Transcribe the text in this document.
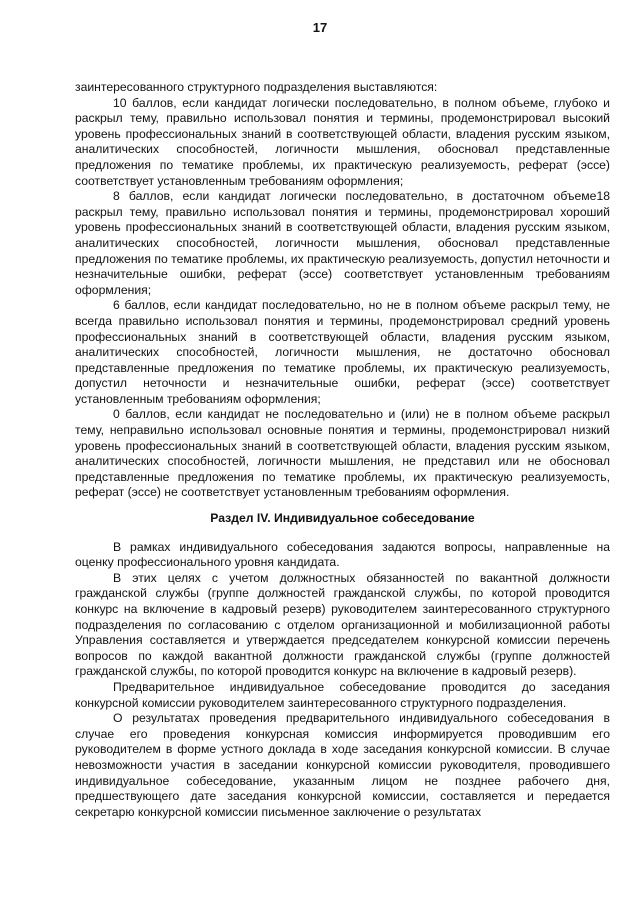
17

заинтересованного структурного подразделения выставляются:

10 баллов, если кандидат логически последовательно, в полном объеме, глубоко и раскрыл тему, правильно использовал понятия и термины, продемонстрировал высокий уровень профессиональных знаний в соответствующей области, владения русским языком, аналитических способностей, логичности мышления, обосновал представленные предложения по тематике проблемы, их практическую реализуемость, реферат (эссе) соответствует установленным требованиям оформления;

8 баллов, если кандидат логически последовательно, в достаточном объеме18 раскрыл тему, правильно использовал понятия и термины, продемонстрировал хороший уровень профессиональных знаний в соответствующей области, владения русским языком, аналитических способностей, логичности мышления, обосновал представленные предложения по тематике проблемы, их практическую реализуемость, допустил неточности и незначительные ошибки, реферат (эссе) соответствует установленным требованиям оформления;

6 баллов, если кандидат последовательно, но не в полном объеме раскрыл тему, не всегда правильно использовал понятия и термины, продемонстрировал средний уровень профессиональных знаний в соответствующей области, владения русским языком, аналитических способностей, логичности мышления, не достаточно обосновал представленные предложения по тематике проблемы, их практическую реализуемость, допустил неточности и незначительные ошибки, реферат (эссе) соответствует установленным требованиям оформления;

0 баллов, если кандидат не последовательно и (или) не в полном объеме раскрыл тему, неправильно использовал основные понятия и термины, продемонстрировал низкий уровень профессиональных знаний в соответствующей области, владения русским языком, аналитических способностей, логичности мышления, не представил или не обосновал представленные предложения по тематике проблемы, их практическую реализуемость, реферат (эссе) не соответствует установленным требованиям оформления.

Раздел IV. Индивидуальное собеседование

В рамках индивидуального собеседования задаются вопросы, направленные на оценку профессионального уровня кандидата.

В этих целях с учетом должностных обязанностей по вакантной должности гражданской службы (группе должностей гражданской службы, по которой проводится конкурс на включение в кадровый резерв) руководителем заинтересованного структурного подразделения по согласованию с отделом организационной и мобилизационной работы Управления составляется и утверждается председателем конкурсной комиссии перечень вопросов по каждой вакантной должности гражданской службы (группе должностей гражданской службы, по которой проводится конкурс на включение в кадровый резерв).

Предварительное индивидуальное собеседование проводится до заседания конкурсной комиссии руководителем заинтересованного структурного подразделения.

О результатах проведения предварительного индивидуального собеседования в случае его проведения конкурсная комиссия информируется проводившим его руководителем в форме устного доклада в ходе заседания конкурсной комиссии. В случае невозможности участия в заседании конкурсной комиссии руководителя, проводившего индивидуальное собеседование, указанным лицом не позднее рабочего дня, предшествующего дате заседания конкурсной комиссии, составляется и передается секретарю конкурсной комиссии письменное заключение о результатах
